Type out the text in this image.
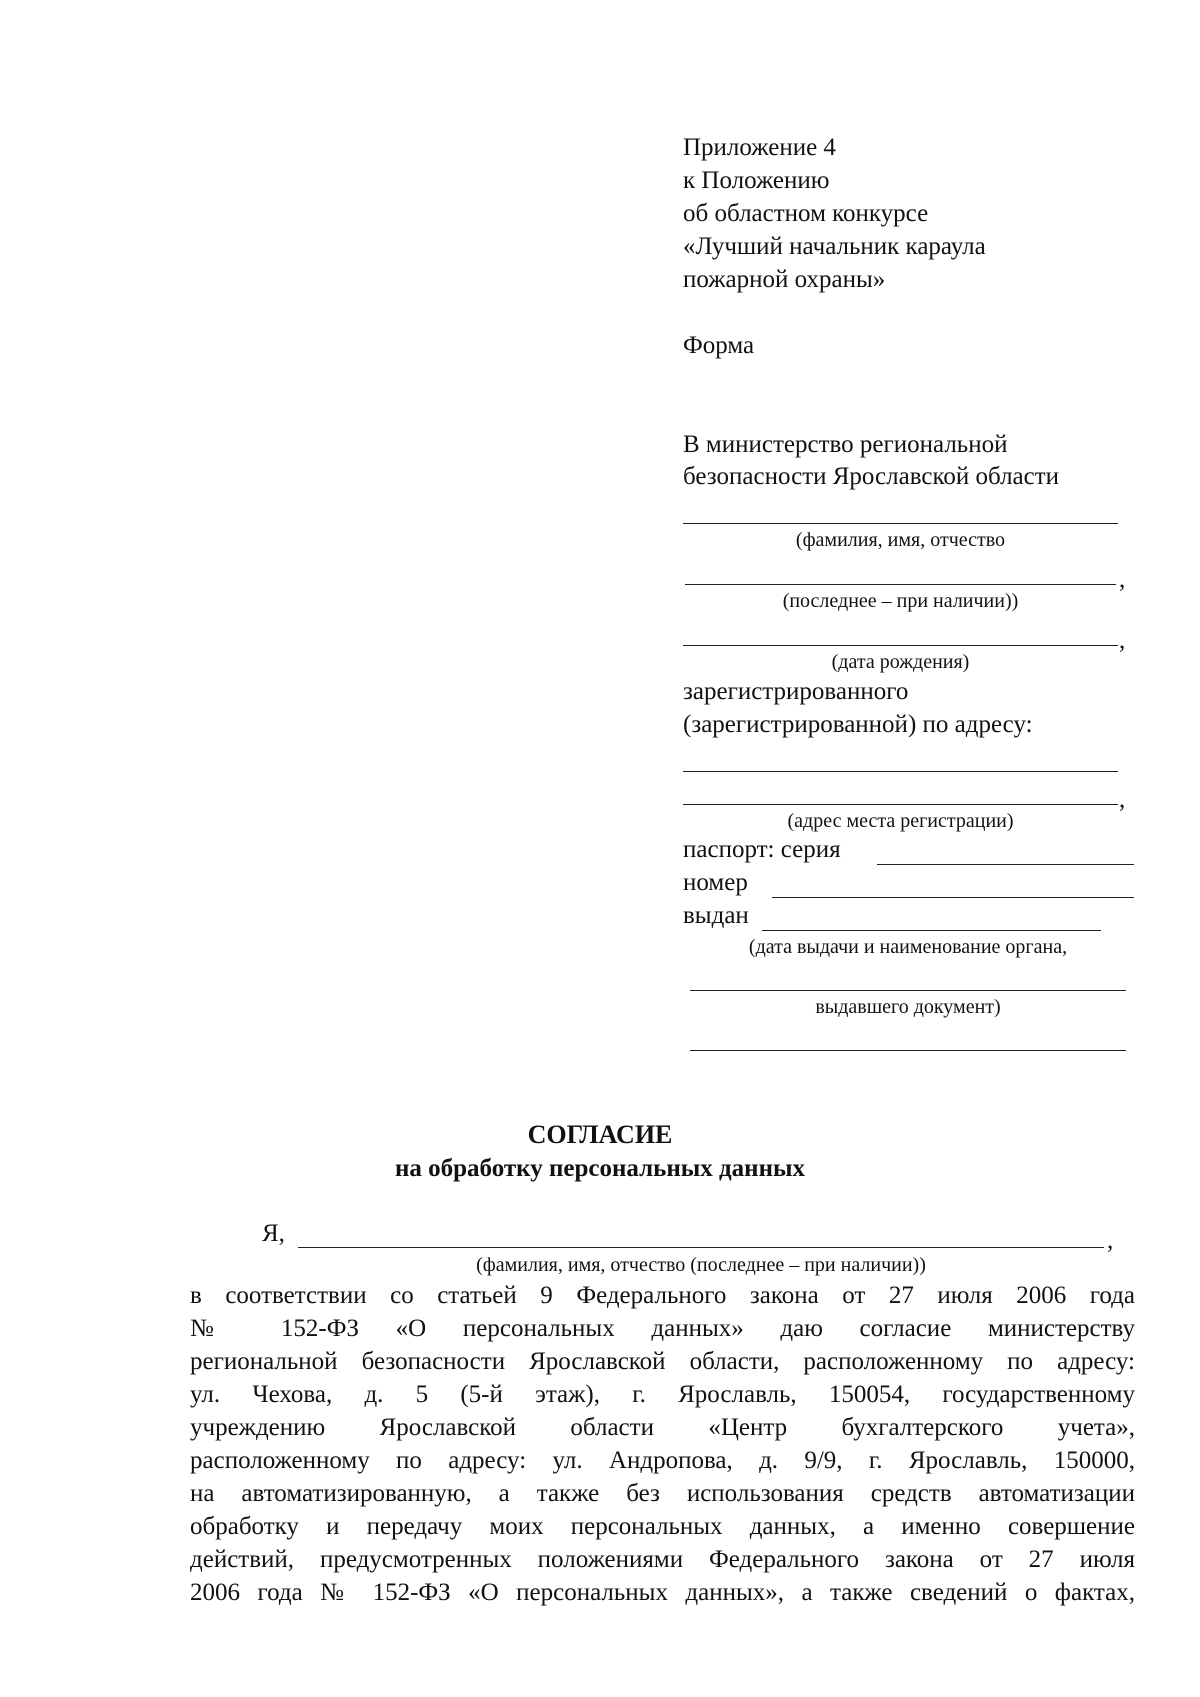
Приложение 4
к Положению
об областном конкурсе
«Лучший начальник караула
пожарной охраны»
Форма
В министерство региональной
безопасности Ярославской области
(фамилия, имя, отчество
,
(последнее – при наличии))
,
(дата рождения)
зарегистрированного
(зарегистрированной) по адресу:
,
(адрес места регистрации)
паспорт: серия
номер
выдан
(дата выдачи и наименование органа,
выдавшего документ)
СОГЛАСИЕ
на обработку персональных данных
Я,	,
(фамилия, имя, отчество (последнее – при наличии))
в соответствии со статьей 9 Федерального закона от 27 июля 2006 года
№ 152-ФЗ «О персональных данных» даю согласие министерству
региональной безопасности Ярославской области, расположенному по адресу:
ул. Чехова, д. 5 (5-й этаж), г. Ярославль, 150054, государственному
учреждению Ярославской области «Центр бухгалтерского учета»,
расположенному по адресу: ул. Андропова, д. 9/9, г. Ярославль, 150000,
на автоматизированную, а также без использования средств автоматизации
обработку и передачу моих персональных данных, а именно совершение
действий, предусмотренных положениями Федерального закона от 27 июля
2006 года № 152-ФЗ «О персональных данных», а также сведений о фактах,
